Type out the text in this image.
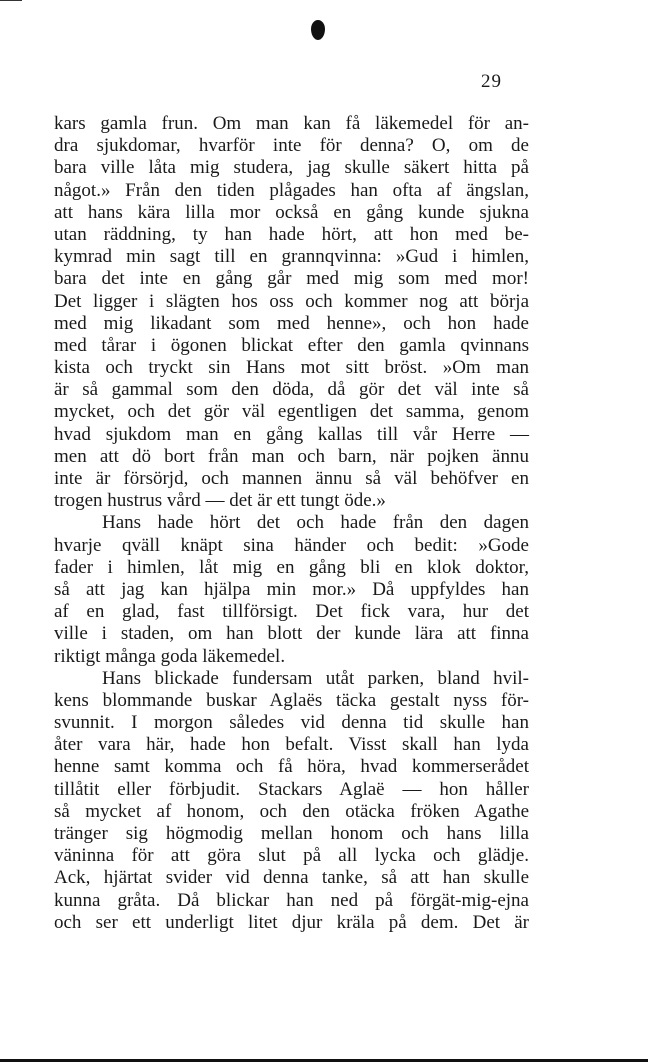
29
kars gamla frun. Om man kan få läkemedel för an-
dra sjukdomar, hvarför inte för denna? O, om de
bara ville låta mig studera, jag skulle säkert hitta på
något.» Från den tiden plågades han ofta af ängslan,
att hans kära lilla mor också en gång kunde sjukna
utan räddning, ty han hade hört, att hon med be-
kymrad min sagt till en grannqvinna: »Gud i himlen,
bara det inte en gång går med mig som med mor!
Det ligger i slägten hos oss och kommer nog att börja
med mig likadant som med henne», och hon hade
med tårar i ögonen blickat efter den gamla qvinnans
kista och tryckt sin Hans mot sitt bröst. »Om man
är så gammal som den döda, då gör det väl inte så
mycket, och det gör väl egentligen det samma, genom
hvad sjukdom man en gång kallas till vår Herre —
men att dö bort från man och barn, när pojken ännu
inte är försörjd, och mannen ännu så väl behöfver en
trogen hustrus vård — det är ett tungt öde.»
Hans hade hört det och hade från den dagen
hvarje qväll knäpt sina händer och bedit: »Gode
fader i himlen, låt mig en gång bli en klok doktor,
så att jag kan hjälpa min mor.» Då uppfyldes han
af en glad, fast tillförsigt. Det fick vara, hur det
ville i staden, om han blott der kunde lära att finna
riktigt många goda läkemedel.
Hans blickade fundersam utåt parken, bland hvil-
kens blommande buskar Aglaës täcka gestalt nyss för-
svunnit. I morgon således vid denna tid skulle han
åter vara här, hade hon befalt. Visst skall han lyda
henne samt komma och få höra, hvad kommerserådet
tillåtit eller förbjudit. Stackars Aglaë — hon håller
så mycket af honom, och den otäcka fröken Agathe
tränger sig högmodig mellan honom och hans lilla
väninna för att göra slut på all lycka och glädje.
Ack, hjärtat svider vid denna tanke, så att han skulle
kunna gråta. Då blickar han ned på förgät-mig-ejna
och ser ett underligt litet djur kräla på dem. Det är
